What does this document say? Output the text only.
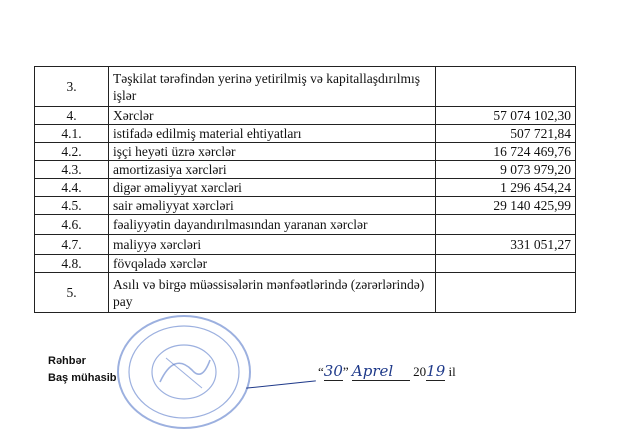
3.	Təşkilat tərəfindən yerinə yetirilmiş və kapitallaşdırılmış işlər	
4.	Xərclər	57 074 102,30
4.1.	istifadə edilmiş material ehtiyatları	507 721,84
4.2.	işçi heyəti üzrə xərclər	16 724 469,76
4.3.	amortizasiya xərcləri	9 073 979,20
4.4.	digər əməliyyat xərcləri	1 296 454,24
4.5.	sair əməliyyat xərcləri	29 140 425,99
4.6.	fəaliyyətin dayandırılmasından yaranan xərclər	
4.7.	maliyyə xərcləri	331 051,27
4.8.	fövqəladə xərclər	
5.	Asılı və birgə müəssisələrin mənfəətlərində (zərərlərində) pay	
Rəhbər
Baş mühasib	“30” Aprel 2019 il
